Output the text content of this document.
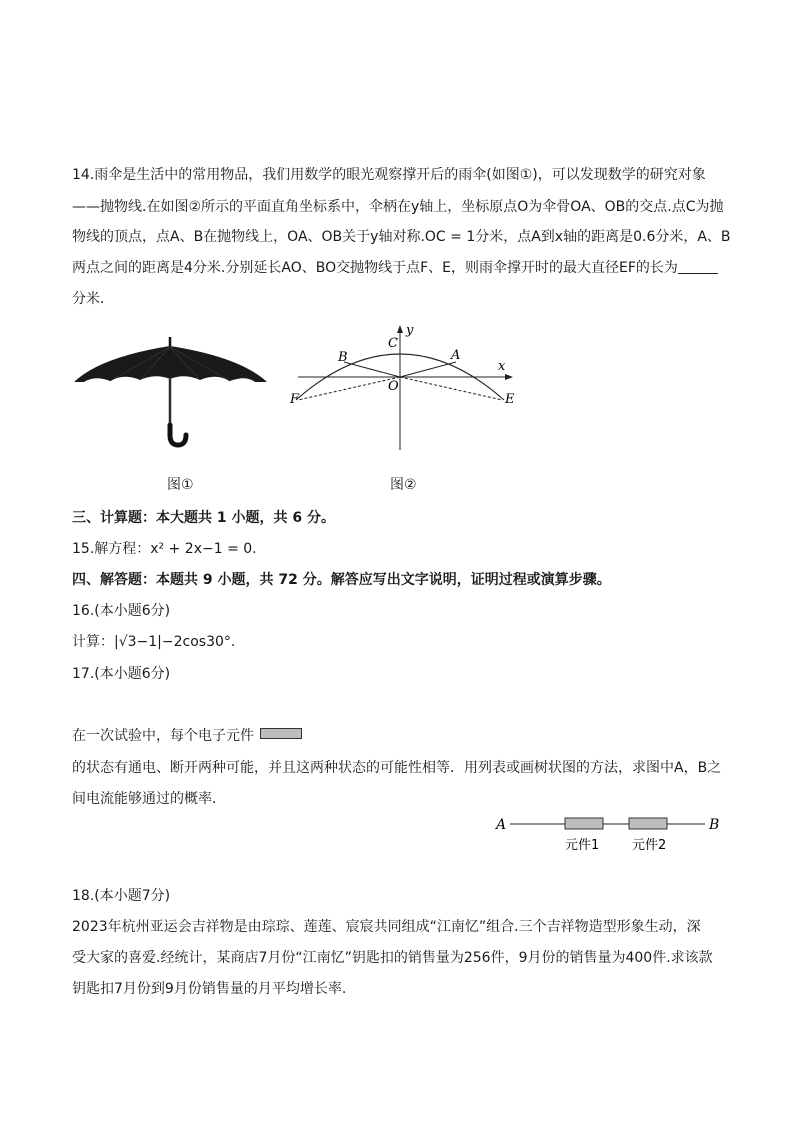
14.雨伞是生活中的常用物品，我们用数学的眼光观察撑开后的雨伞(如图①)，可以发现数学的研究对象
——抛物线.在如图②所示的平面直角坐标系中，伞柄在y轴上，坐标原点O为伞骨OA、OB的交点.点C为抛
物线的顶点，点A、B在抛物线上，OA、OB关于y轴对称.OC = 1分米，点A到x轴的距离是0.6分米，A、B
两点之间的距离是4分米.分别延长AO、BO交抛物线于点F、E，则雨伞撑开时的最大直径EF的长为
分米．
图①
y
x
C
B	A
O
F	E
图②
三、计算题：本大题共 1 小题，共 6 分。
15.解方程：x² + 2x−1 = 0.
四、解答题：本题共 9 小题，共 72 分。解答应写出文字说明，证明过程或演算步骤。
16.(本小题6分)
计算：|√3−1|−2cos30°.
17.(本小题6分)
在一次试验中，每个电子元件
的状态有通电、断开两种可能，并且这两种状态的可能性相等．用列表或画树状图的方法，求图中A，B之
间电流能够通过的概率．
A	B
元件1	元件2
18.(本小题7分)
2023年杭州亚运会吉祥物是由琮琮、莲莲、宸宸共同组成“江南忆”组合.三个吉祥物造型形象生动，深
受大家的喜爱.经统计，某商店7月份“江南忆”钥匙扣的销售量为256件，9月份的销售量为400件.求该款
钥匙扣7月份到9月份销售量的月平均增长率.
